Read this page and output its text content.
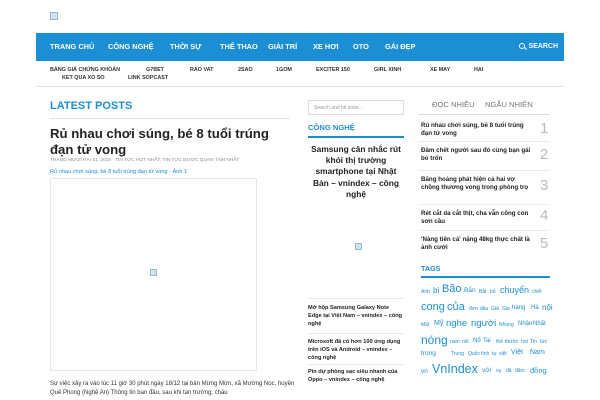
TRANG CHỦ CÔNG NGHỆ THỜI SỰ	THỂ THAO GIẢI TRÍ XE HƠI OTO GÁI ĐẸP	SEARCH
BẢNG GIÁ CHỨNG KHOÁN	G7BET	RAO VAT	2SAO	1GOM	EXCITER 150	GIRL XINH	XE MAY	HAI
KET QUA XO SO	LINK SOPCAST
LATEST POSTS
Rủ nhau chơi súng, bé 8 tuổi trúng đạn tử vong
THÁNG MƯỜI HAI 21, 2015 · TIN TỨC HOT NHẤT, TIN TỨC ĐƯỢC QUAN TÂM NHẤT
Rủ nhau chơi súng, bé 8 tuổi trúng đạn tử vong - Ảnh 1
Sự việc xảy ra vào lúc 11 giờ 30 phút ngày 18/12 tại bản Mừng Mừn, xã Mường Nọc, huyện Quế Phong (Nghệ An) Thông tin ban đầu, sau khi tan trường, cháu
Search and hit enter...
CÔNG NGHỆ
Samsung cân nhắc rút khỏi thị trường smartphone tại Nhật Bản – vnindex – công nghệ
Mở hộp Samsung Galaxy Note Edge tại Việt Nam – vnindex – công nghệ
Microsoft đã có hơn 100 ứng dụng trên iOS và Android – vnindex – công nghệ
Pin dự phòng sạc siêu nhanh của Oppo – vnindex – công nghệ
ĐỌC NHIỀU NGẪU NHIÊN
Rủ nhau chơi súng, bé 8 tuổi trúng đạn tử vong	1
Đâm chết người sau đó cùng bạn gái bỏ trốn	2
Băng hoảng phát hiện cả hai vợ chồng thương vong trong phòng trọ 3
Rét cắt da cắt thịt, cha vẫn cõng con sơn cầu	4
'Nàng tiên cá' nặng 48kg thực chất là ảnh cưới	5
TAGS
Anh bị Bão Bắn Bắt bỏ chuyển chết
cong của đơn đầu Giá Gia hàng Hà nội
Mất Mỹ nghe người Nhung Nhận Nhất
nóng nam nổi Nổ Tai thế thứ tin hot Tin tức
trong	Trung Quốc tình tự việt Việt Nam
vn VnIndex với vụ đã đăm đồng
